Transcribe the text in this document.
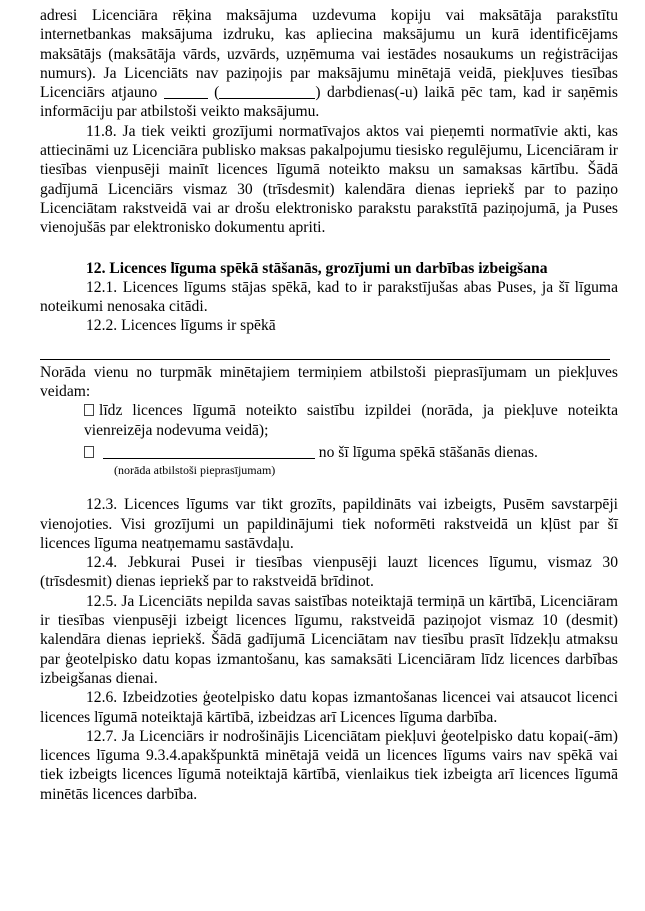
adresi Licenciāra rēķina maksājuma uzdevuma kopiju vai maksātāja parakstītu internetbankas maksājuma izdruku, kas apliecina maksājumu un kurā identificējams maksātājs (maksātāja vārds, uzvārds, uzņēmuma vai iestādes nosaukums un reģistrācijas numurs). Ja Licenciāts nav paziņojis par maksājumu minētajā veidā, piekļuves tiesības Licenciārs atjauno	(	) darbdienas(-u) laikā pēc tam, kad ir saņēmis informāciju par atbilstoši veikto maksājumu.

11.8. Ja tiek veikti grozījumi normatīvajos aktos vai pieņemti normatīvie akti, kas attiecināmi uz Licenciāra publisko maksas pakalpojumu tiesisko regulējumu, Licenciāram ir tiesības vienpusēji mainīt licences līgumā noteikto maksu un samaksas kārtību. Šādā gadījumā Licenciārs vismaz 30 (trīsdesmit) kalendāra dienas iepriekš par to paziņo Licenciātam rakstveidā vai ar drošu elektronisko parakstu parakstītā paziņojumā, ja Puses vienojušās par elektronisko dokumentu apriti.

12. Licences līguma spēkā stāšanās, grozījumi un darbības izbeigšana

12.1. Licences līgums stājas spēkā, kad to ir parakstījušas abas Puses, ja šī līguma noteikumi nenosaka citādi.

12.2. Licences līgums ir spēkā

Norāda vienu no turpmāk minētajiem termiņiem atbilstoši pieprasījumam un piekļuves veidam:

līdz licences līgumā noteikto saistību izpildei (norāda, ja piekļuve noteikta vienreizēja nodevuma veidā);

no šī līguma spēkā stāšanās dienas.

(norāda atbilstoši pieprasījumam)

12.3. Licences līgums var tikt grozīts, papildināts vai izbeigts, Pusēm savstarpēji vienojoties. Visi grozījumi un papildinājumi tiek noformēti rakstveidā un kļūst par šī licences līguma neatņemamu sastāvdaļu.

12.4. Jebkurai Pusei ir tiesības vienpusēji lauzt licences līgumu, vismaz 30 (trīsdesmit) dienas iepriekš par to rakstveidā brīdinot.

12.5. Ja Licenciāts nepilda savas saistības noteiktajā termiņā un kārtībā, Licenciāram ir tiesības vienpusēji izbeigt licences līgumu, rakstveidā paziņojot vismaz 10 (desmit) kalendāra dienas iepriekš. Šādā gadījumā Licenciātam nav tiesību prasīt līdzekļu atmaksu par ģeotelpisko datu kopas izmantošanu, kas samaksāti Licenciāram līdz licences darbības izbeigšanas dienai.

12.6. Izbeidzoties ģeotelpisko datu kopas izmantošanas licencei vai atsaucot licenci licences līgumā noteiktajā kārtībā, izbeidzas arī Licences līguma darbība.

12.7. Ja Licenciārs ir nodrošinājis Licenciātam piekļuvi ģeotelpisko datu kopai(-ām) licences līguma 9.3.4.apakšpunktā minētajā veidā un licences līgums vairs nav spēkā vai tiek izbeigts licences līgumā noteiktajā kārtībā, vienlaikus tiek izbeigta arī licences līgumā minētās licences darbība.
